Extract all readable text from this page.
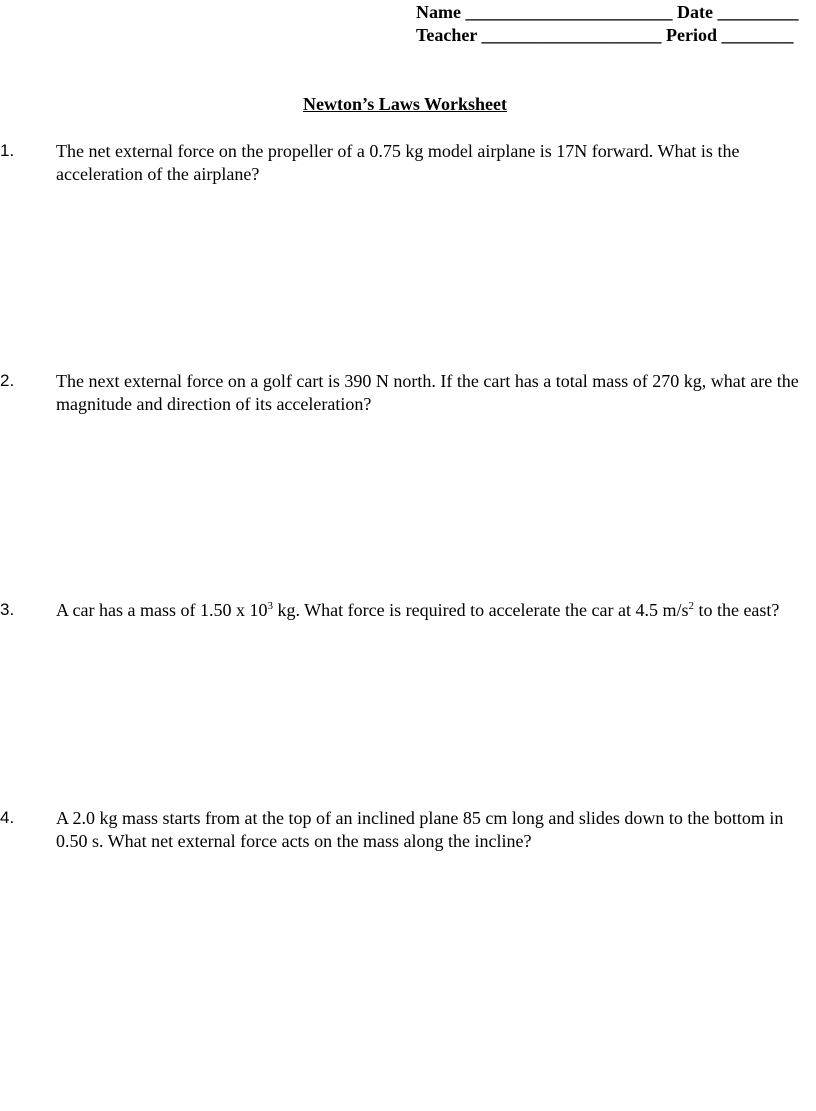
Name _______________________ Date _________
Teacher ____________________ Period ________
Newton’s Laws Worksheet
1. The net external force on the propeller of a 0.75 kg model airplane is 17N forward. What is the acceleration of the airplane?
2. The next external force on a golf cart is 390 N north. If the cart has a total mass of 270 kg, what are the magnitude and direction of its acceleration?
3. A car has a mass of 1.50 x $10^3$ kg. What force is required to accelerate the car at 4.5 $m/s^2$ to the east?
4. A 2.0 kg mass starts from at the top of an inclined plane 85 cm long and slides down to the bottom in 0.50 s. What net external force acts on the mass along the incline?
